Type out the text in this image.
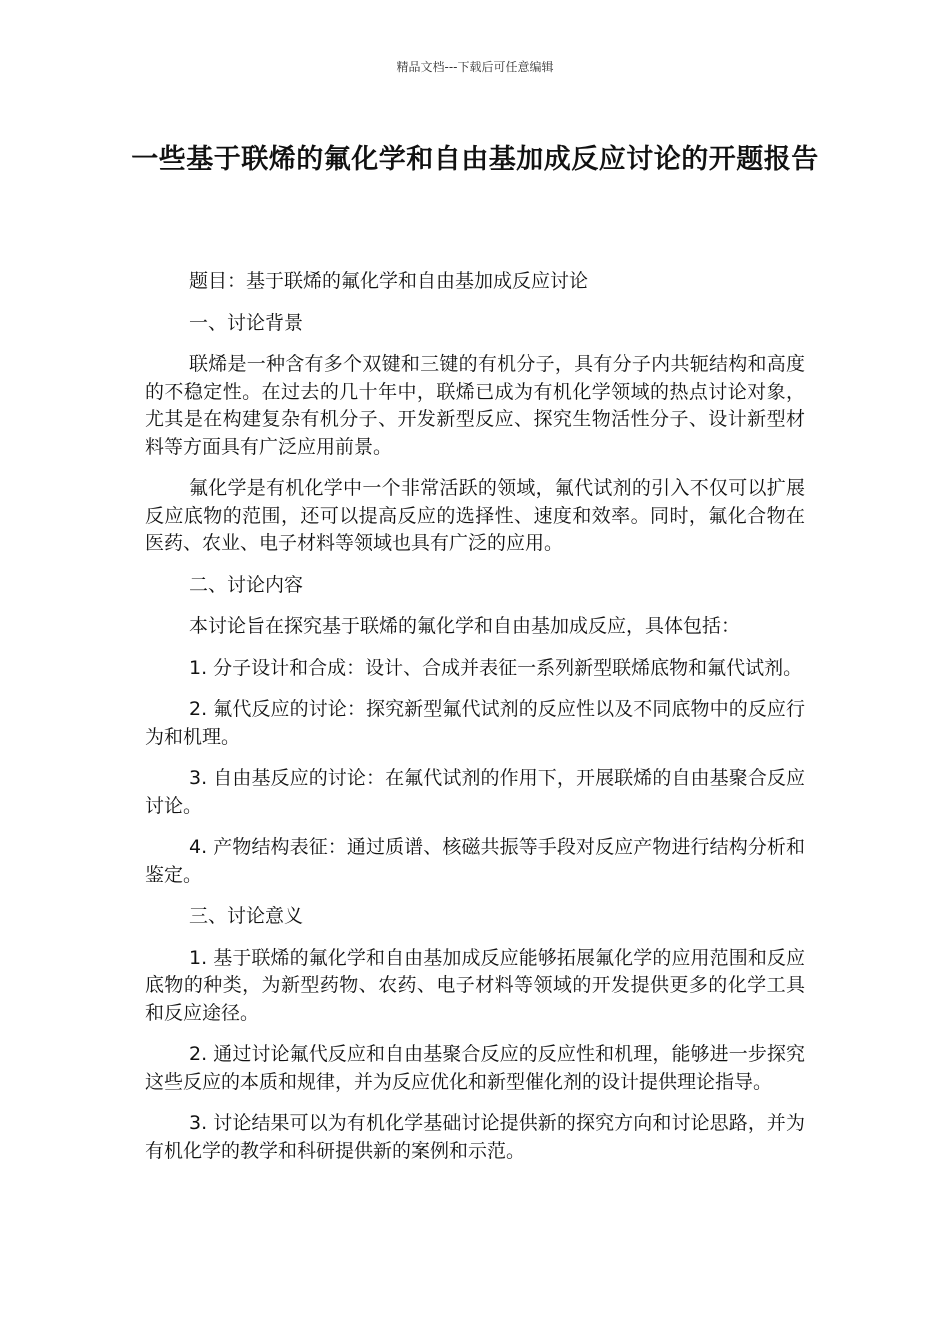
精品文档---下载后可任意编辑
一些基于联烯的氟化学和自由基加成反应讨论的开题报告

题目：基于联烯的氟化学和自由基加成反应讨论

一、讨论背景

联烯是一种含有多个双键和三键的有机分子，具有分子内共轭结构和高度的不稳定性。在过去的几十年中，联烯已成为有机化学领域的热点讨论对象，尤其是在构建复杂有机分子、开发新型反应、探究生物活性分子、设计新型材料等方面具有广泛应用前景。

氟化学是有机化学中一个非常活跃的领域，氟代试剂的引入不仅可以扩展反应底物的范围，还可以提高反应的选择性、速度和效率。同时，氟化合物在医药、农业、电子材料等领域也具有广泛的应用。

二、讨论内容

本讨论旨在探究基于联烯的氟化学和自由基加成反应，具体包括：

1. 分子设计和合成：设计、合成并表征一系列新型联烯底物和氟代试剂。

2. 氟代反应的讨论：探究新型氟代试剂的反应性以及不同底物中的反应行为和机理。

3. 自由基反应的讨论：在氟代试剂的作用下，开展联烯的自由基聚合反应讨论。

4. 产物结构表征：通过质谱、核磁共振等手段对反应产物进行结构分析和鉴定。

三、讨论意义

1. 基于联烯的氟化学和自由基加成反应能够拓展氟化学的应用范围和反应底物的种类，为新型药物、农药、电子材料等领域的开发提供更多的化学工具和反应途径。

2. 通过讨论氟代反应和自由基聚合反应的反应性和机理，能够进一步探究这些反应的本质和规律，并为反应优化和新型催化剂的设计提供理论指导。

3. 讨论结果可以为有机化学基础讨论提供新的探究方向和讨论思路，并为有机化学的教学和科研提供新的案例和示范。
